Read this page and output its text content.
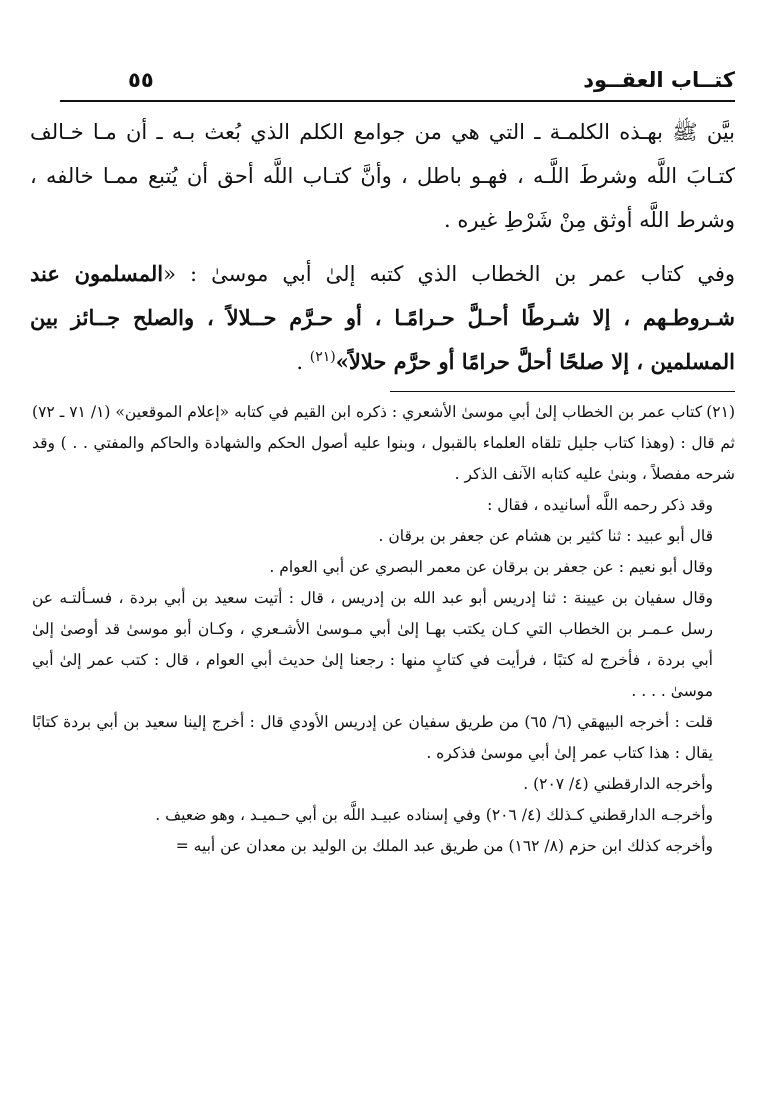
كتــاب العقــود
٥٥

بيَّن ﷺ بهـذه الكلمـة ـ التي هي من جوامع الكلم الذي بُعث بـه ـ أن مـا خـالف كتـابَ اللَّه وشرطَ اللَّـه ، فهـو باطل ، وأنَّ كتـاب اللَّه أحق أن يُتبع ممـا خالفه ، وشرط اللَّه أوثق مِنْ شَرْطِ غيره .

وفي كتاب عمر بن الخطاب الذي كتبه إلىٰ أبي موسىٰ : «المسلمون عند شـروطـهم ، إلا شـرطًا أحـلَّ حـرامًـا ، أو حـرَّم حــلالاً ، والصلح جــائز بين المسلمين ، إلا صلحًا أحلَّ حرامًا أو حرَّم حلالاً»$^{(٢١)}$ .

(٢١)كتاب عمر بن الخطاب إلىٰ أبي موسىٰ الأشعري : ذكره ابن القيم في كتابه «إعلام الموقعين» (١/ ٧١ ـ ٧٢) ثم قال : (وهذا كتاب جليل تلقاه العلماء بالقبول ، وبنوا عليه أصول الحكم والشهادة والحاكم والمفتي . . ) وقد شرحه مفصلاً ، وبنىٰ عليه كتابه الآنف الذكر .

وقد ذكر رحمه اللَّه أسانيده ، فقال :

قال أبو عبيد : ثنا كثير بن هشام عن جعفر بن برقان .

وقال أبو نعيم : عن جعفر بن برقان عن معمر البصري عن أبي العوام .

وقال سفيان بن عيينة : ثنا إدريس أبو عبد الله بن إدريس ، قال : أتيت سعيد بن أبي بردة ، فسـألتـه عن رسل عـمـر بن الخطاب التي كـان يكتب بهـا إلىٰ أبي مـوسىٰ الأشـعري ، وكـان أبو موسىٰ قد أوصىٰ إلىٰ أبي بردة ، فأخرج له كتبًا ، فرأيت في كتابٍ منها : رجعنا إلىٰ حديث أبي العوام ، قال : كتب عمر إلىٰ أبي موسىٰ . . . .

قلت : أخرجه البيهقي (٦/ ٦٥) من طريق سفيان عن إدريس الأودي قال : أخرج إلينا سعيد بن أبي بردة كتابًا يقال : هذا كتاب عمر إلىٰ أبي موسىٰ فذكره .

وأخرجه الدارقطني (٤/ ٢٠٧) .

وأخرجـه الدارقطني كـذلك (٤/ ٢٠٦) وفي إسناده عبيـد اللَّه بن أبي حـميـد ، وهو ضعيف .

وأخرجه كذلك ابن حزم (٨/ ١٦٢) من طريق عبد الملك بن الوليد بن معدان عن أبيه =
